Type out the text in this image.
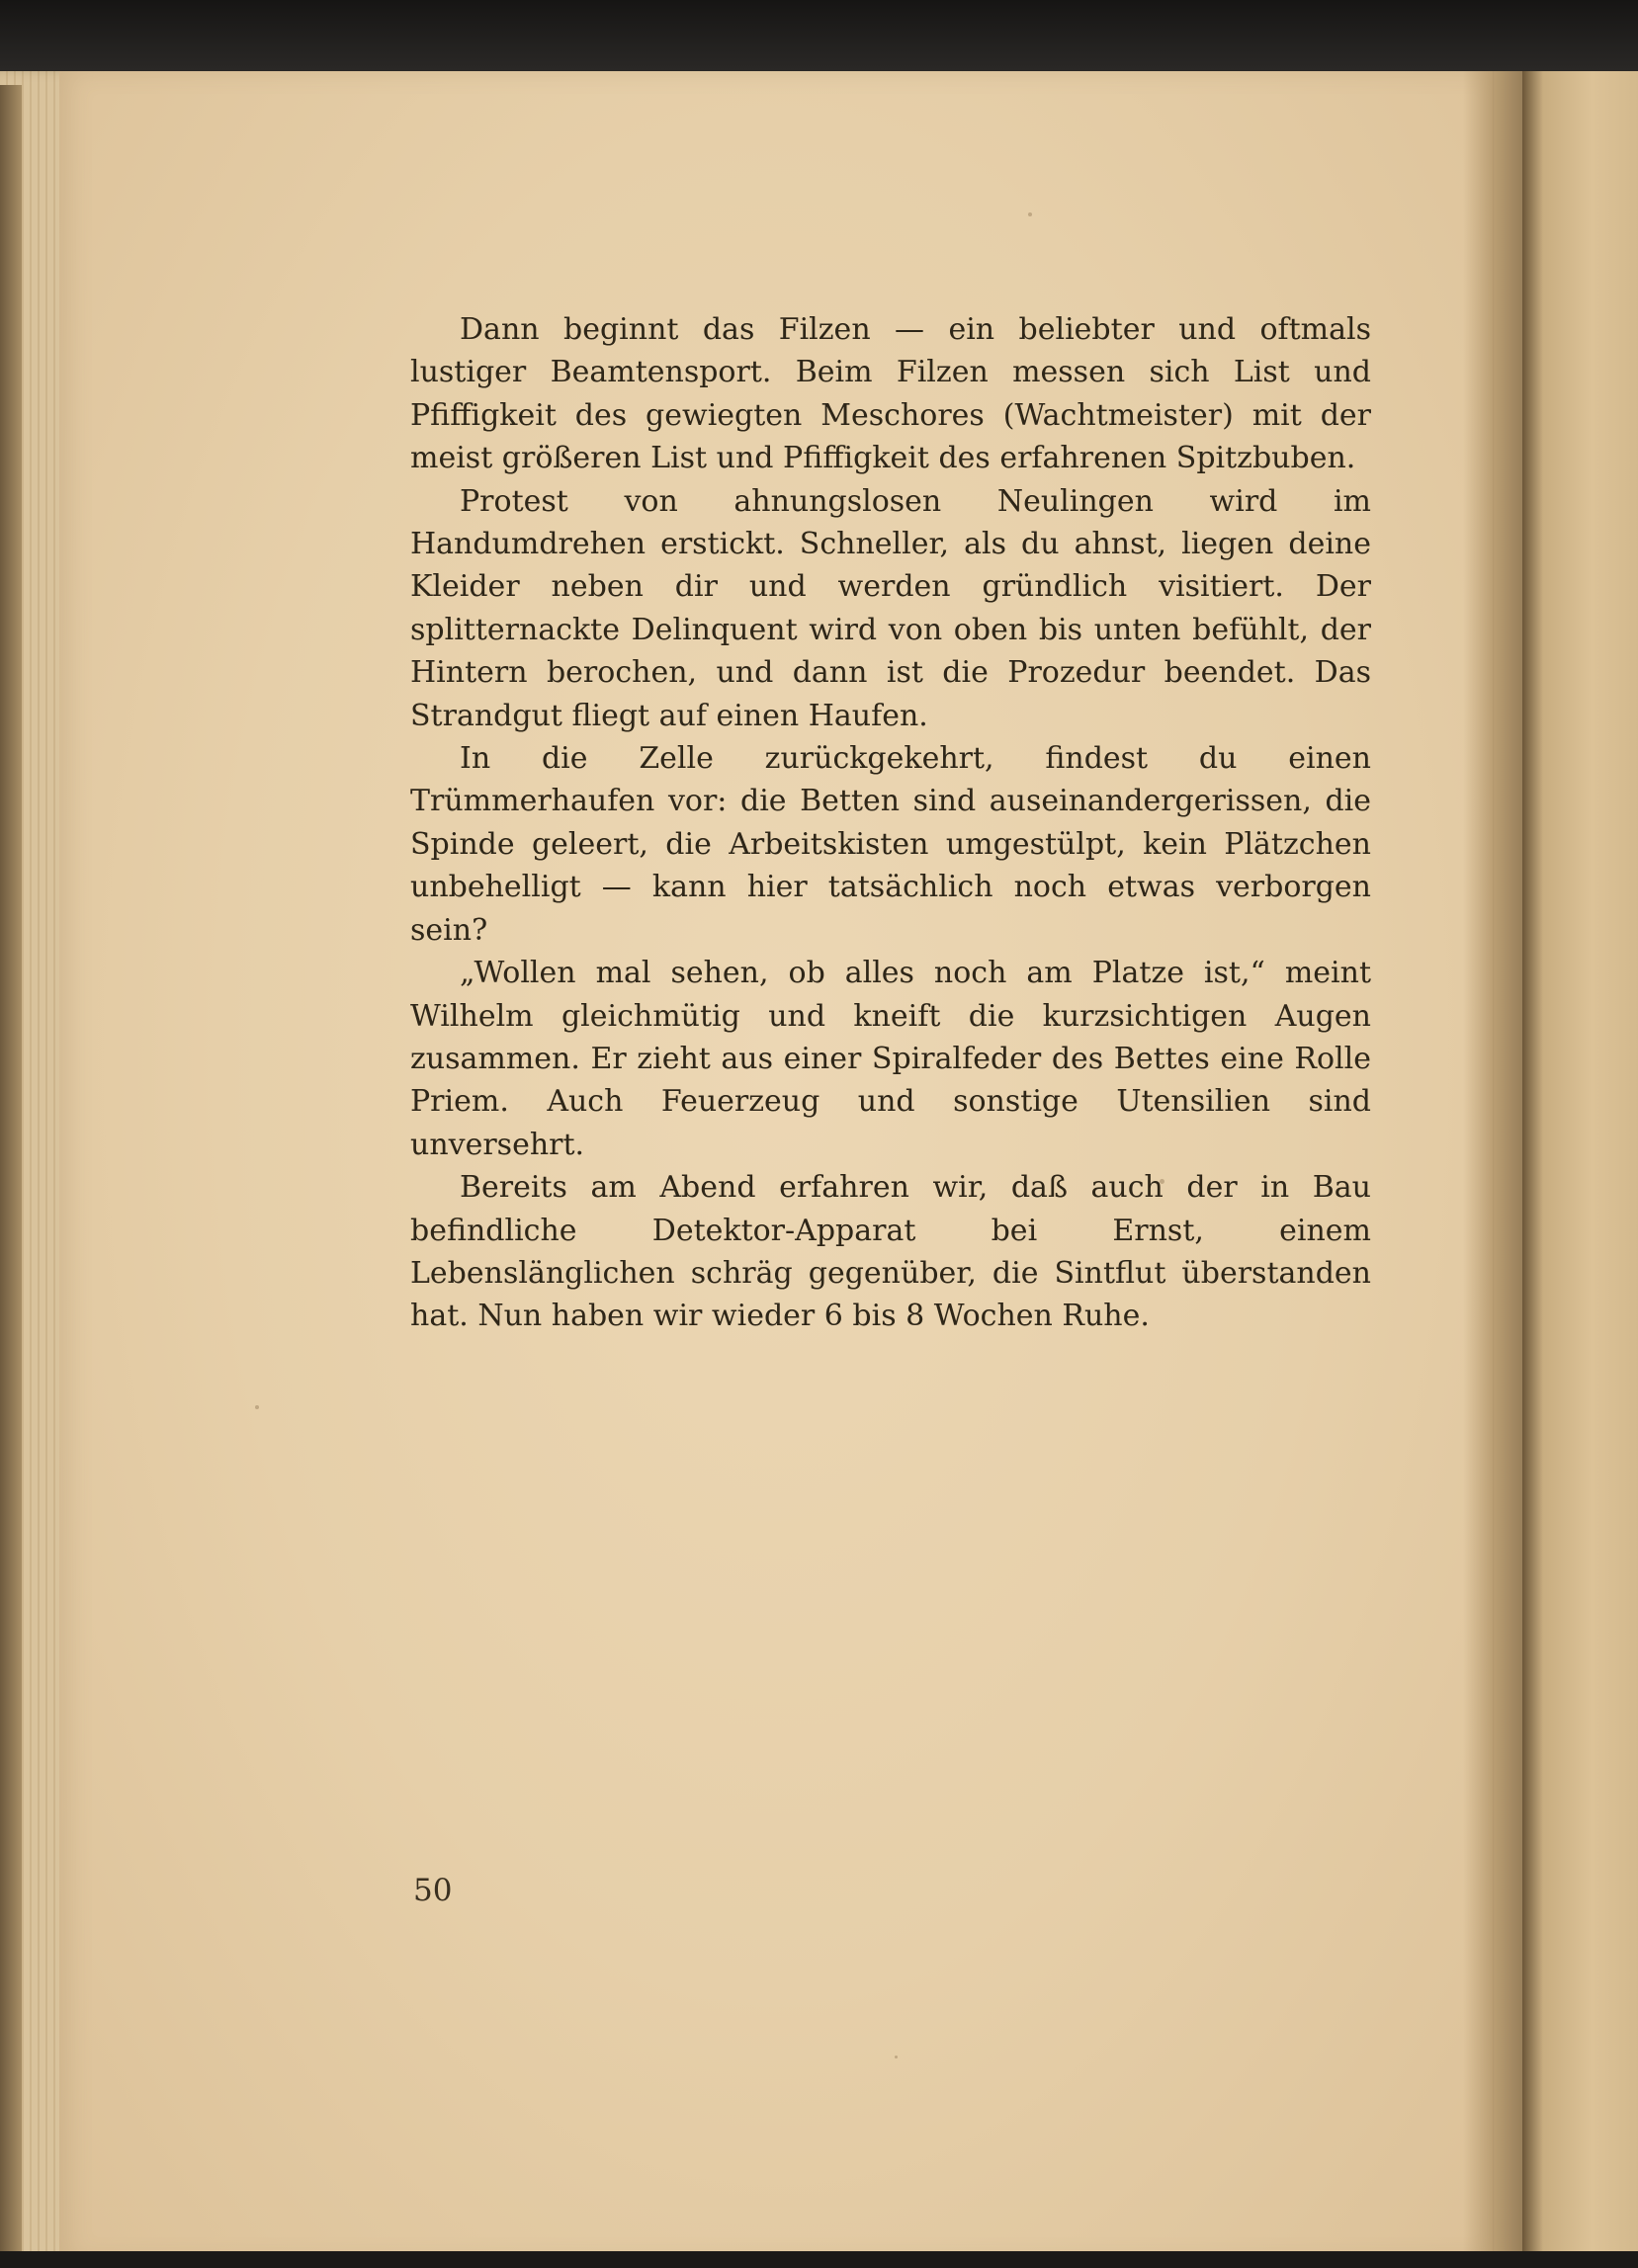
Dann beginnt das Filzen — ein beliebter und oftmals lustiger Beamtensport. Beim Filzen messen sich List und Pfiffigkeit des gewiegten Meschores (Wachtmeister) mit der meist größeren List und Pfiffigkeit des erfahrenen Spitzbuben.

Protest von ahnungslosen Neulingen wird im Handumdrehen erstickt. Schneller, als du ahnst, liegen deine Kleider neben dir und werden gründlich visitiert. Der splitternackte Delinquent wird von oben bis unten befühlt, der Hintern berochen, und dann ist die Prozedur beendet. Das Strandgut fliegt auf einen Haufen.

In die Zelle zurückgekehrt, findest du einen Trümmerhaufen vor: die Betten sind auseinandergerissen, die Spinde geleert, die Arbeitskisten umgestülpt, kein Plätzchen unbehelligt — kann hier tatsächlich noch etwas verborgen sein?

„Wollen mal sehen, ob alles noch am Platze ist,“ meint Wilhelm gleichmütig und kneift die kurzsichtigen Augen zusammen. Er zieht aus einer Spiralfeder des Bettes eine Rolle Priem. Auch Feuerzeug und sonstige Utensilien sind unversehrt.

Bereits am Abend erfahren wir, daß auch der in Bau befindliche Detektor-Apparat bei Ernst, einem Lebenslänglichen schräg gegenüber, die Sintflut überstanden hat. Nun haben wir wieder 6 bis 8 Wochen Ruhe.

50
